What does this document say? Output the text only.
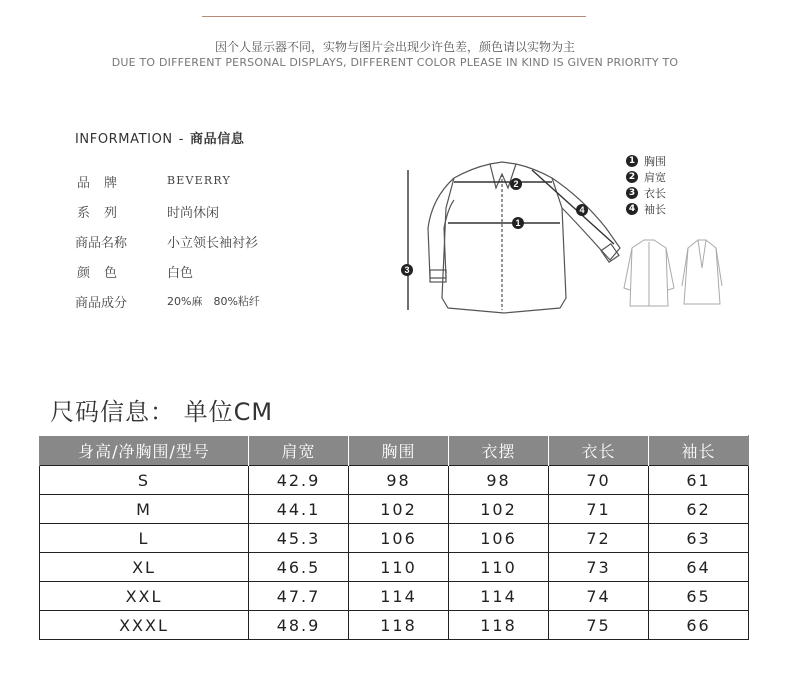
因个人显示器不同，实物与图片会出现少许色差，颜色请以实物为主
DUE TO DIFFERENT PERSONAL DISPLAYS, DIFFERENT COLOR PLEASE IN KIND IS GIVEN PRIORITY TO
INFORMATION - 商品信息
品牌	BEVERRY
系列	时尚休闲
商品名称	小立领长袖衬衫
颜色	白色
商品成分	20%麻　80%粘纤
1
2
3
4
1 胸围
2 肩宽
3 衣长
4 袖长
尺码信息： 单位CM
身高/净胸围/型号	肩宽	胸围	衣摆	衣长	袖长
S	42.9	98	98	70	61
M	44.1	102	102	71	62
L	45.3	106	106	72	63
XL	46.5	110	110	73	64
XXL	47.7	114	114	74	65
XXXL	48.9	118	118	75	66
